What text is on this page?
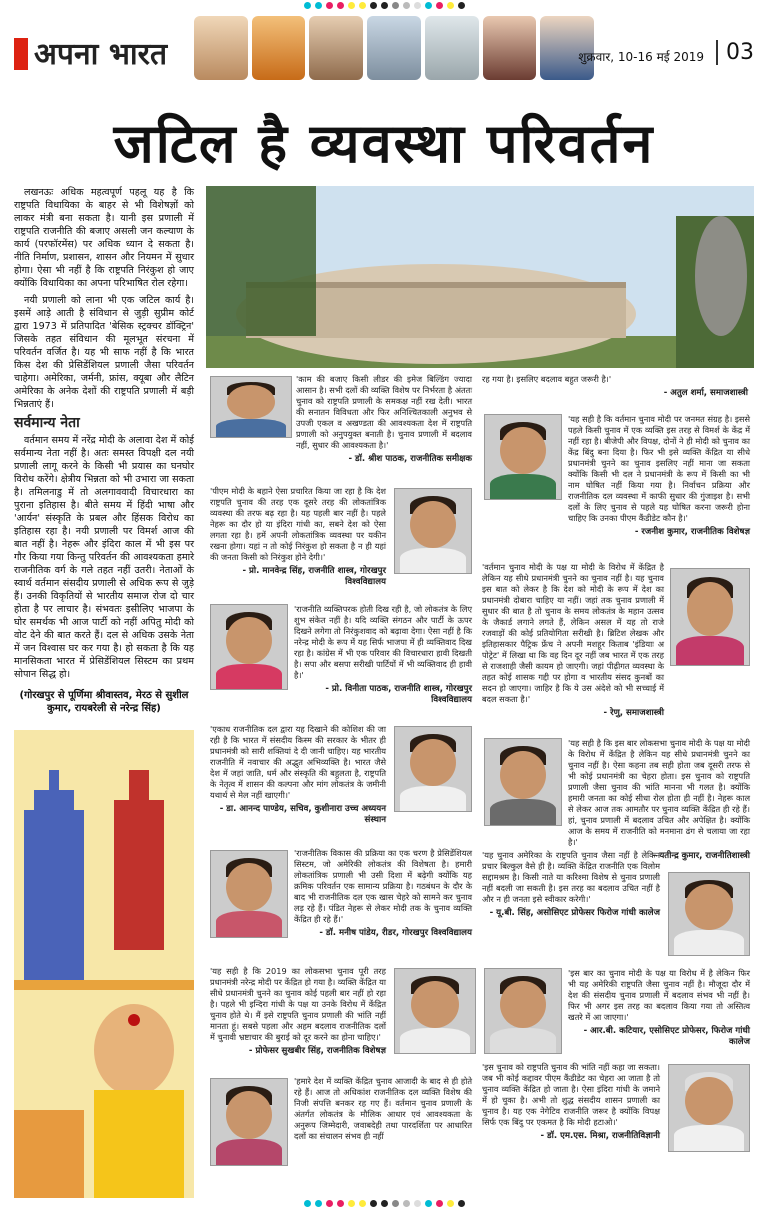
अपना भारत	शुक्रवार, 10-16 मई 2019	03
जटिल है व्यवस्था परिवर्तन

लखनऊः अधिक महत्वपूर्ण पहलू यह है कि राष्ट्रपति विधायिका के बाहर से भी विशेषज्ञों को लाकर मंत्री बना सकता है। यानी इस प्रणाली में राष्ट्रपति राजनीति की बजाए असली जन कल्याण के कार्य (परफॉरमेंस) पर अधिक ध्यान दे सकता है। नीति निर्माण, प्रशासन, शासन और नियमन में सुधार होगा। ऐसा भी नहीं है कि राष्ट्रपति निरंकुश हो जाए क्योंकि विधायिका का अपना परिभाषित रोल रहेगा।

नयी प्रणाली को लाना भी एक जटिल कार्य है। इसमें आड़े आती है संविधान से जुड़ी सुप्रीम कोर्ट द्वारा 1973 में प्रतिपादित 'बेसिक स्ट्रक्चर डॉक्ट्रिन' जिसके तहत संविधान की मूलभूत संरचना में परिवर्तन वर्जित है। यह भी साफ नहीं है कि भारत किस देश की प्रेसिडेंशियल प्रणाली जैसा परिवर्तन चाहेगा। अमेरिका, जर्मनी, फ्रांस, क्यूबा और लैटिन अमेरिका के अनेक देशों की राष्ट्रपति प्रणाली में बड़ी भिन्नताएं हैं।

सर्वमान्य नेता

वर्तमान समय में नरेंद्र मोदी के अलावा देश में कोई सर्वमान्य नेता नहीं है। अतः समस्त विपक्षी दल नयी प्रणाली लागू करने के किसी भी प्रयास का घनघोर विरोध करेंगे। क्षेत्रीय भिन्नता को भी उभारा जा सकता है। तमिलनाडु में तो अलगाववादी विचारधारा का पुराना इतिहास है। बीते समय में हिंदी भाषा और 'आर्यन' संस्कृति के प्रबल और हिंसक विरोध का इतिहास रहा है। नयी प्रणाली पर विमर्श आज की बात नहीं है। नेहरू और इंदिरा काल में भी इस पर गौर किया गया किन्तु परिवर्तन की आवश्यकता हमारे राजनीतिक वर्ग के गले तहत नहीं उतरी। नेताओं के स्वार्थ वर्तमान संसदीय प्रणाली से अधिक रूप से जुड़े हैं। उनकी विकृतियों से भारतीय समाज रोज दो चार होता है पर लाचार है। संभवतः इसीलिए भाजपा के घोर समर्थक भी आज पार्टी को नहीं अपितु मोदी को वोट देने की बात करते हैं। दल से अधिक उसके नेता में जन विश्वास घर कर गया है। हो सकता है कि यह मानसिकता भारत में प्रेसिडेंशियल सिस्टम का प्रथम सोपान सिद्ध हो।

(गोरखपुर से पूर्णिमा श्रीवास्तव, मेरठ से सुशील कुमार, रायबरेली से नरेन्द्र सिंह)
'काम की बजाए किसी लीडर की इमेज बिल्डिंग ज्यादा आसान है। सभी दलों की व्यक्ति विशेष पर निर्भरता है अंततः चुनाव को राष्ट्रपति प्रणाली के समकक्ष नहीं रख देती। भारत की सनातन विविधता और फिर अनिश्चितकाली अनुभव से उपजी एकल व अखण्डता की आवश्यकता देश में राष्ट्रपति प्रणाली को अनुपयुक्त बनाती है। चुनाव प्रणाली में बदलाव नहीं, सुधार की आवश्यकता है।'
- डॉ. श्रीश पाठक, राजनीतिक समीक्षक
रह गया है। इसलिए बदलाव बहुत जरूरी है।'
- अतुल शर्मा, समाजशास्त्री
'यह सही है कि वर्तमान चुनाव मोदी पर जनमत संग्रह है। इससे पहले किसी चुनाव में एक व्यक्ति इस तरह से विमर्श के केंद्र में नहीं रहा है। बीजेपी और विपक्ष, दोनों ने ही मोदी को चुनाव का केंद्र बिंदु बना दिया है। फिर भी इसे व्यक्ति केंद्रित या सीधे प्रधानमंत्री चुनने का चुनाव इसलिए नहीं माना जा सकता क्योंकि किसी भी दल ने प्रधानमंत्री के रूप में किसी का भी नाम घोषित नहीं किया गया है। निर्वाचन प्रक्रिया और राजनीतिक दल व्यवस्था में काफी सुधार की गुंजाइश है। सभी दलों के लिए चुनाव से पहले यह घोषित करना जरूरी होना चाहिए कि उनका पीएम कैंडीडेट कौन है।'
- रजनीश कुमार, राजनीतिक विशेषज्ञ
'पीएम मोदी के बहाने ऐसा प्रचारित किया जा रहा है कि देश राष्ट्रपति चुनाव की तरह एक दूसरे तरह की लोकतांत्रिक व्यवस्था की तरफ बढ़ रहा है। यह पहली बार नहीं है। पहले नेहरू का दौर हो या इंदिरा गांधी का, सबने देश को ऐसा लगता रहा है। हमें अपनी लोकतांत्रिक व्यवस्था पर यकीन रखना होगा। यहां न तो कोई निरंकुश हो सकता है न ही यहां की जनता किसी को निरंकुश होने देगी।'
- प्रो. मानवेन्द्र सिंह, राजनीति शास्त्र, गोरखपुर विश्वविद्यालय
'वर्तमान चुनाव मोदी के पक्ष या मोदी के विरोध में केंद्रित है लेकिन यह सीधे प्रधानमंत्री चुनने का चुनाव नहीं है। यह चुनाव इस बात को लेकर है कि देश को मोदी के रूप में देश का प्रधानमंत्री दोबारा चाहिए या नहीं। जहां तक चुनाव प्रणाली में सुधार की बात है तो चुनाव के समय लोकतंत्र के महान उत्सव के जैकार्ड लगाने लगते हैं, लेकिन असल में यह तो राजे रजवाड़ों की कोई प्रतियोगिता सरीखी है। ब्रिटिश लेखक और इतिहासकार पैट्रिक फ्रेंच ने अपनी मशहूर किताब 'इंडियाः अ पोट्रेट' में लिखा था कि वह दिन दूर नहीं जब भारत में एक तरह से राजशाही जैसी कायम हो जाएगी। जहां पीढ़ीगत व्यवस्था के तहत कोई शासक गद्दी पर होगा व भारतीय संसद कुनबों का सदन हो जाएगा। जाहिर है कि ये उस अंदेशे को भी सच्चाई में बदल सकता है।'
- रेणु, समाजशास्त्री
'राजनीति व्यक्तिपरक होती दिख रही है, जो लोकतंत्र के लिए शुभ संकेत नहीं है। यदि व्यक्ति संगठन और पार्टी के ऊपर दिखने लगेगा तो निरंकुशवाद को बढ़ावा देगा। ऐसा नहीं है कि नरेन्द्र मोदी के रूप में यह सिर्फ भाजपा में ही व्यक्तिवाद दिख रहा है। कांग्रेस में भी एक परिवार की विचारधारा हावी दिखती है। सपा और बसपा सरीखी पार्टियों में भी व्यक्तिवाद ही हावी है।'
- प्रो. विनीता पाठक, राजनीति शास्त्र, गोरखपुर विश्वविद्यालय
'एकाध राजनीतिक दल द्वारा यह दिखाने की कोशिश की जा रही है कि भारत में संसदीय किस्म की सरकार के भीतर ही प्रधानमंत्री को सारी शक्तियां दे दी जानी चाहिए। यह भारतीय राजनीति में नवाचार की अद्भुत अभिव्यक्ति है। भारत जैसे देश में जहां जाति, धर्म और संस्कृति की बहुलता है, राष्ट्रपति के नेतृत्व में शासन की कल्पना और मांग लोकतंत्र के जमीनी यथार्थ से मेल नहीं खाएगी।'
- डा. आनन्द पाण्डेय, सचिव, कुशीनारा उच्च अध्ययन संस्थान
'यह सही है कि इस बार लोकसभा चुनाव मोदी के पक्ष या मोदी के विरोध में केंद्रित है लेकिन यह सीधे प्रधानमंत्री चुनने का चुनाव नहीं है। ऐसा कहना तब सही होता जब दूसरी तरफ से भी कोई प्रधानमंत्री का चेहरा होता। इस चुनाव को राष्ट्रपति प्रणाली जैसा चुनाव की भांति मानना भी गलत है। क्योंकि हमारी जनता का कोई सीधा रोल होता ही नहीं है। नेहरू काल से लेकर आज तक आमतौर पर चुनाव व्यक्ति केंद्रित ही रहे हैं। हां, चुनाव प्रणाली में बदलाव उचित और अपेक्षित है। क्योंकि आज के समय में राजनीति को मनमाना ढंग से चलाया जा रहा है।'
- यतीन्द्र कुमार, राजनीतिशास्त्री
'राजनीतिक विकास की प्रक्रिया का एक चरण है प्रेसिडेंशियल सिस्टम, जो अमेरिकी लोकतंत्र की विशेषता है। हमारी लोकतांत्रिक प्रणाली भी उसी दिशा में बढ़ेगी क्योंकि यह क्रमिक परिवर्तन एक सामान्य प्रक्रिया है। गठबंधन के दौर के बाद भी राजनीतिक दल एक खास चेहरे को सामने कर चुनाव लड़ रहे हैं। पंडित नेहरू से लेकर मोदी तक के चुनाव व्यक्ति केंद्रित ही रहे हैं।'
- डॉ. मनीष पांडेय, रीडर, गोरखपुर विश्वविद्यालय
'यह चुनाव अमेरिका के राष्ट्रपति चुनाव जैसा नहीं है लेकिन प्रचार बिल्कुल वैसे ही है। व्यक्ति केंद्रित राजनीति एक विलोम सद्दामश्रम है। किसी नाते या करिश्मा विशेष से चुनाव प्रणाली नहीं बदली जा सकती है। इस तरह का बदलाव उचित नहीं है और न ही जनता इसे स्वीकार करेगी।'
- यू.बी. सिंह, असोसिएट प्रोफेसर फिरोज गांधी कालेज
'यह सही है कि 2019 का लोकसभा चुनाव पूरी तरह प्रधानमंत्री नरेन्द्र मोदी पर केंद्रित हो गया है। व्यक्ति केंद्रित या सीधे प्रधानमंत्री चुनने का चुनाव कोई पहली बार नहीं हो रहा है। पहले भी इन्दिरा गांधी के पक्ष या उनके विरोध में केंद्रित चुनाव होते थे। मैं इसे राष्ट्रपति चुनाव प्रणाली की भांति नहीं मानता हूं। सबसे पहला और अहम बदलाव राजनीतिक दलों में चुनावी भ्रष्टाचार की बुराई को दूर करने का होना चाहिए।'
- प्रोफेसर सुखबीर सिंह, राजनीतिक विशेषज्ञ
'इस बार का चुनाव मोदी के पक्ष या विरोध में है लेकिन फिर भी यह अमेरिकी राष्ट्रपति जैसा चुनाव नहीं है। मौजूदा दौर में देश की संसदीय चुनाव प्रणाली में बदलाव संभव भी नहीं है। फिर भी अगर इस तरह का बदलाव किया गया तो अस्तित्व खतरे में आ जाएगा।'
- आर.बी. कटियार, एसोसिएट प्रोफेसर, फिरोज गांधी कालेज
'हमारे देश में व्यक्ति केंद्रित चुनाव आजादी के बाद से ही होते रहे हैं। आज तो अधिकांश राजनीतिक दल व्यक्ति विशेष की निजी संपत्ति बनकर रह गए हैं। वर्तमान चुनाव प्रणाली के अंतर्गत लोकतंत्र के मौलिक आधार एवं आवश्यकता के अनुरूप जिम्मेदारी, जवाबदेही तथा पारदर्शिता पर आधारित दलों का संचालन संभव ही नहीं
'इस चुनाव को राष्ट्रपति चुनाव की भांति नहीं कहा जा सकता। जब भी कोई कद्दावर पीएम कैंडीडेट का चेहरा आ जाता है तो चुनाव व्यक्ति केंद्रित हो जाता है। ऐसा इंदिरा गांधी के जमाने में हो चुका है। अभी तो शुद्ध संसदीय शासन प्रणाली का चुनाव है। यह एक नेगेटिव राजनीति जरूर है क्योंकि विपक्ष सिर्फ एक बिंदु पर एकमत है कि मोदी हटाओ।'
- डॉ. एम.एस. मिश्रा, राजनीतिविज्ञानी
